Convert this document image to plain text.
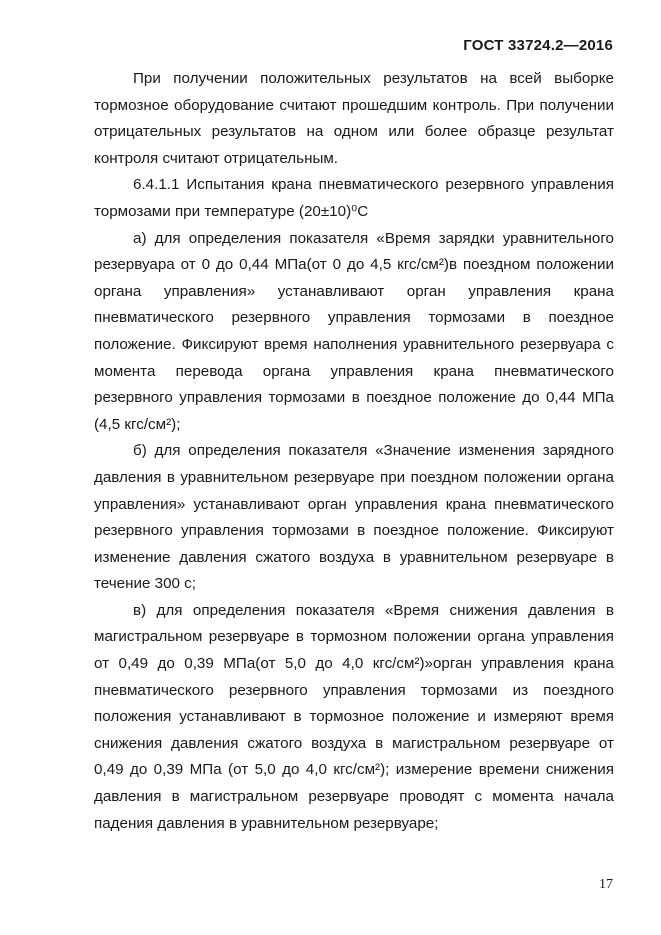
ГОСТ 33724.2—2016

При получении положительных результатов на всей выборке тормозное оборудование считают прошедшим контроль. При получении отрицательных результатов на одном или более образце результат контроля считают отрицательным.

6.4.1.1 Испытания крана пневматического резервного управления тормозами при температуре (20±10)⁰С

а) для определения показателя «Время зарядки уравнительного резервуара от 0 до 0,44 МПа(от 0 до 4,5 кгс/см²)в поездном положении органа управления» устанавливают орган управления крана пневматического резервного управления тормозами в поездное положение. Фиксируют время наполнения уравнительного резервуара с момента перевода органа управления крана пневматического резервного управления тормозами в поездное положение до 0,44 МПа (4,5 кгс/см²);

б) для определения показателя «Значение изменения зарядного давления в уравнительном резервуаре при поездном положении органа управления» устанавливают орган управления крана пневматического резервного управления тормозами в поездное положение. Фиксируют изменение давления сжатого воздуха в уравнительном резервуаре в течение 300 с;

в) для определения показателя «Время снижения давления в магистральном резервуаре в тормозном положении органа управления от 0,49 до 0,39 МПа(от 5,0 до 4,0 кгс/см²)»орган управления крана пневматического резервного управления тормозами из поездного положения устанавливают в тормозное положение и измеряют время снижения давления сжатого воздуха в магистральном резервуаре от 0,49 до 0,39 МПа (от 5,0 до 4,0 кгс/см²); измерение времени снижения давления в магистральном резервуаре проводят с момента начала падения давления в уравнительном резервуаре;

17
